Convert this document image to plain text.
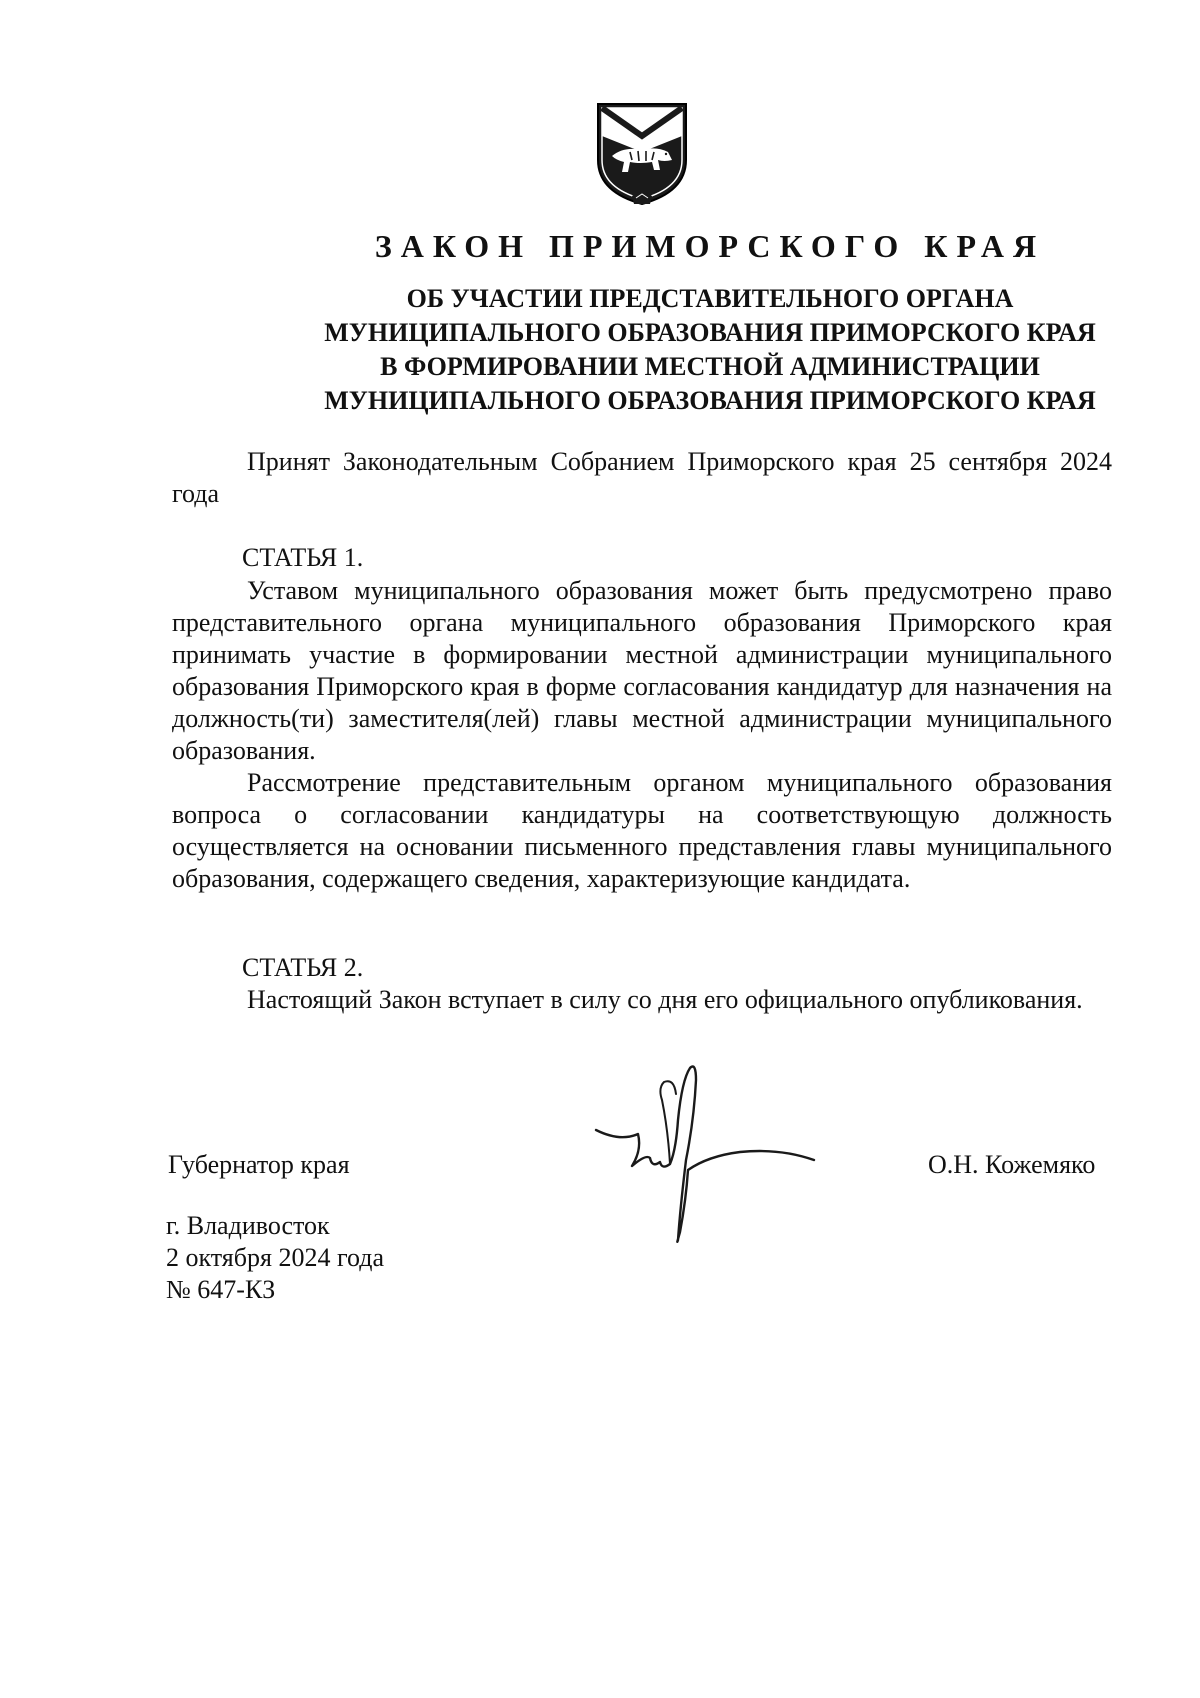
ЗАКОН ПРИМОРСКОГО КРАЯ
ОБ УЧАСТИИ ПРЕДСТАВИТЕЛЬНОГО ОРГАНА
МУНИЦИПАЛЬНОГО ОБРАЗОВАНИЯ ПРИМОРСКОГО КРАЯ
В ФОРМИРОВАНИИ МЕСТНОЙ АДМИНИСТРАЦИИ
МУНИЦИПАЛЬНОГО ОБРАЗОВАНИЯ ПРИМОРСКОГО КРАЯ

Принят Законодательным Собранием Приморского края 25 сентября 2024 года

СТАТЬЯ 1.

Уставом муниципального образования может быть предусмотрено право представительного органа муниципального образования Приморского края принимать участие в формировании местной администрации муниципального образования Приморского края в форме согласования кандидатур для назначения на должность(ти) заместителя(лей) главы местной администрации муниципального образования.

Рассмотрение представительным органом муниципального образования вопроса о согласовании кандидатуры на соответствующую должность осуществляется на основании письменного представления главы муниципального образования, содержащего сведения, характеризующие кандидата.

СТАТЬЯ 2.

Настоящий Закон вступает в силу со дня его официального опубликования.

Губернатор края	О.Н. Кожемяко

г. Владивосток
2 октября 2024 года
№ 647-КЗ
